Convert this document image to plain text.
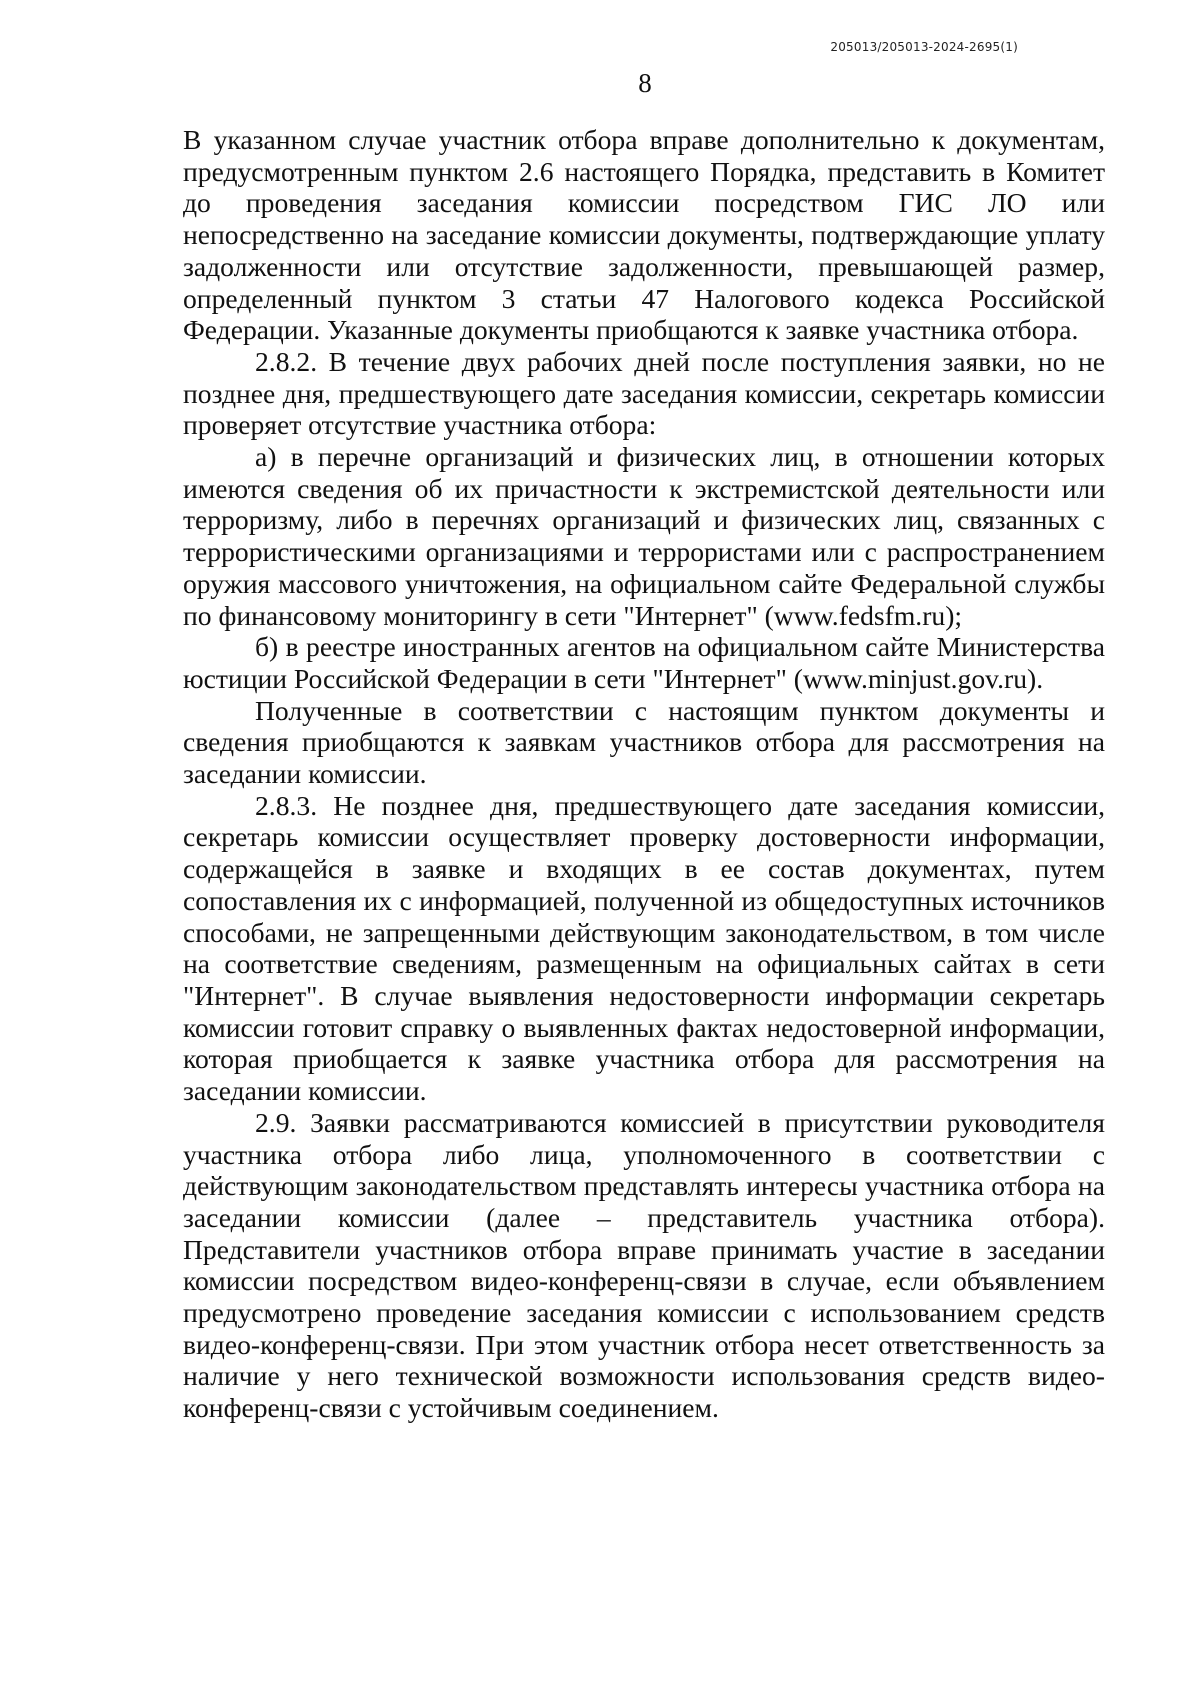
205013/205013-2024-2695(1)
8

В указанном случае участник отбора вправе дополнительно к документам, предусмотренным пунктом 2.6 настоящего Порядка, представить в Комитет до проведения заседания комиссии посредством ГИС ЛО или непосредственно на заседание комиссии документы, подтверждающие уплату задолженности или отсутствие задолженности, превышающей размер, определенный пунктом 3 статьи 47 Налогового кодекса Российской Федерации. Указанные документы приобщаются к заявке участника отбора.

2.8.2. В течение двух рабочих дней после поступления заявки, но не позднее дня, предшествующего дате заседания комиссии, секретарь комиссии проверяет отсутствие участника отбора:

а) в перечне организаций и физических лиц, в отношении которых имеются сведения об их причастности к экстремистской деятельности или терроризму, либо в перечнях организаций и физических лиц, связанных с террористическими организациями и террористами или с распространением оружия массового уничтожения, на официальном сайте Федеральной службы по финансовому мониторингу в сети "Интернет" (www.fedsfm.ru);

б) в реестре иностранных агентов на официальном сайте Министерства юстиции Российской Федерации в сети "Интернет" (www.minjust.gov.ru).

Полученные в соответствии с настоящим пунктом документы и сведения приобщаются к заявкам участников отбора для рассмотрения на заседании комиссии.

2.8.3. Не позднее дня, предшествующего дате заседания комиссии, секретарь комиссии осуществляет проверку достоверности информации, содержащейся в заявке и входящих в ее состав документах, путем сопоставления их с информацией, полученной из общедоступных источников способами, не запрещенными действующим законодательством, в том числе на соответствие сведениям, размещенным на официальных сайтах в сети "Интернет". В случае выявления недостоверности информации секретарь комиссии готовит справку о выявленных фактах недостоверной информации, которая приобщается к заявке участника отбора для рассмотрения на заседании комиссии.

2.9. Заявки рассматриваются комиссией в присутствии руководителя участника отбора либо лица, уполномоченного в соответствии с действующим законодательством представлять интересы участника отбора на заседании комиссии (далее – представитель участника отбора). Представители участников отбора вправе принимать участие в заседании комиссии посредством видео-конференц-связи в случае, если объявлением предусмотрено проведение заседания комиссии с использованием средств видео-конференц-связи. При этом участник отбора несет ответственность за наличие у него технической возможности использования средств видео-конференц-связи с устойчивым соединением.
